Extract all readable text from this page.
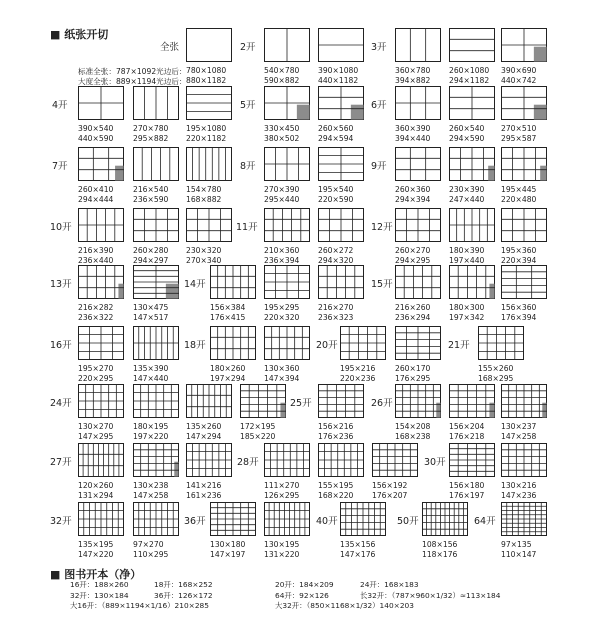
■ 纸张开切
标准全张：787×1092光边后：
大度全张：889×1194光边后：
全张
780×1080
880×1182
2开
540×780
590×882
390×1080
440×1182
3开
360×780
394×882
260×1080
294×1182
390×690
440×742
4开
390×540
440×590
270×780
295×882
195×1080
220×1182
5开
330×450
380×502
260×560
294×594
6开
360×390
394×440
260×540
294×590
270×510
295×587
7开
260×410
294×444
216×540
236×590
154×780
168×882
8开
270×390
295×440
195×540
220×590
9开
260×360
294×394
230×390
247×440
195×445
220×480
10开
216×390
236×440
260×280
294×297
230×320
270×340
11开
210×360
236×394
260×272
294×320
12开
260×270
294×295
180×390
197×440
195×360
220×394
13开
216×282
236×322
130×475
147×517
14开
156×384
176×415
195×295
220×320
216×270
236×323
15开
216×260
236×294
180×300
197×342
156×360
176×394
16开
195×270
220×295
135×390
147×440
18开
180×260
197×294
130×360
147×394
20开
195×216
220×236
260×170
176×295
21开
155×260
168×295
24开
130×270
147×295
180×195
197×220
135×260
147×294
172×195
185×220
25开
156×216
176×236
26开
154×208
168×238
156×204
176×218
130×237
147×258
27开
120×260
131×294
130×238
147×258
141×216
161×236
28开
111×270
126×295
155×195
168×220
156×192
176×207
30开
156×180
176×197
130×216
147×236
32开
135×195
147×220
97×270
110×295
36开
130×180
147×197
130×195
131×220
40开
135×156
147×176
50开
108×156
118×176
64开
97×135
110×147
■ 图书开本（净）
16开：188×260	18开：168×252	20开：184×209	24开：168×183
32开：130×184	36开：126×172	64开：92×126	长32开：（787×960×1/32）≈113×184
大16开：（889×1194×1/16）210×285	大32开：（850×1168×1/32）140×203
